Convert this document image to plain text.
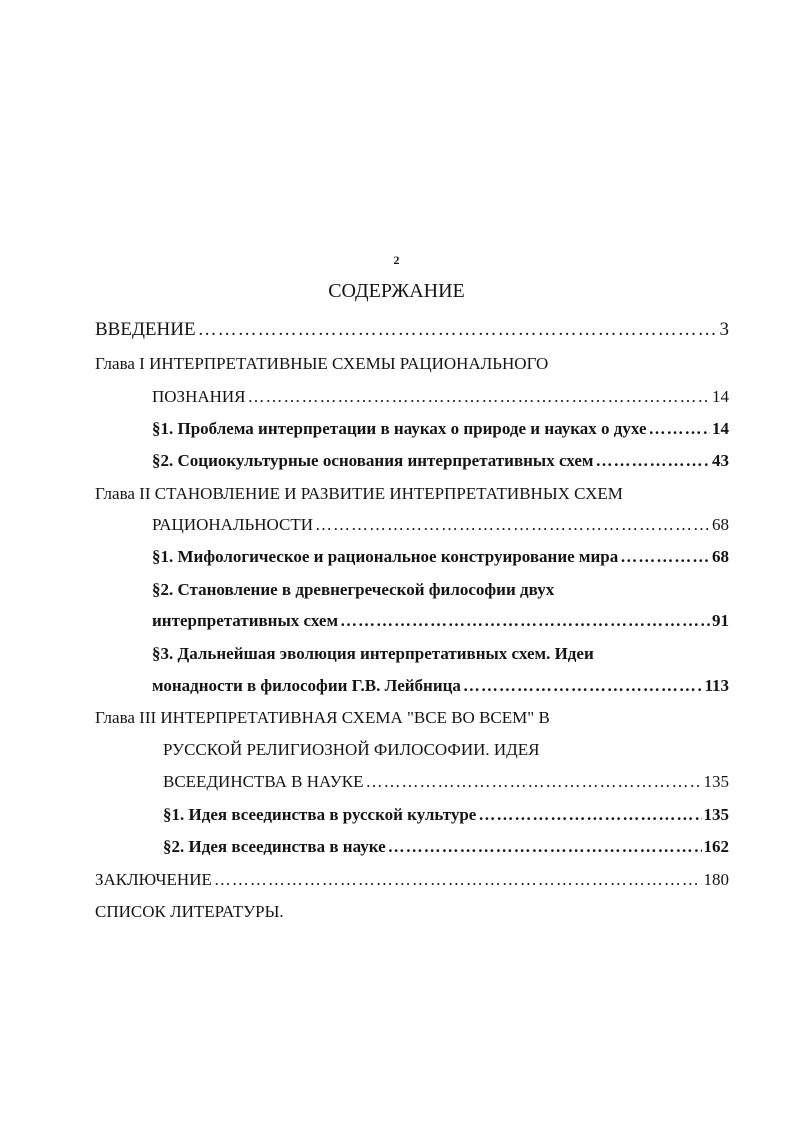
2
СОДЕРЖАНИЕ
ВВЕДЕНИЕ …………………………………………………………………………………………………………………………………………	3
Глава I ИНТЕРПРЕТАТИВНЫЕ СХЕМЫ РАЦИОНАЛЬНОГО
ПОЗНАНИЯ …………………………………………………………………………………………………………………………………………	14
§1. Проблема интерпретации в науках о природе и науках о духе …………………………………………………………………………………………………………………………………………	14
§2. Социокультурные основания интерпретативных схем …………………………………………………………………………………………………………………………………………	43
Глава II СТАНОВЛЕНИЕ И РАЗВИТИЕ ИНТЕРПРЕТАТИВНЫХ СХЕМ
РАЦИОНАЛЬНОСТИ …………………………………………………………………………………………………………………………………………	68
§1. Мифологическое и рациональное конструирование мира …………………………………………………………………………………………………………………………………………	68
§2. Становление в древнегреческой философии двух
интерпретативных схем …………………………………………………………………………………………………………………………………………	91
§3. Дальнейшая эволюция интерпретативных схем. Идеи
монадности в философии Г.В. Лейбница …………………………………………………………………………………………………………………………………………	113
Глава III ИНТЕРПРЕТАТИВНАЯ СХЕМА "ВСЕ ВО ВСЕМ" В
РУССКОЙ РЕЛИГИОЗНОЙ ФИЛОСОФИИ. ИДЕЯ
ВСЕЕДИНСТВА В НАУКЕ …………………………………………………………………………………………………………………………………………	135
§1. Идея всеединства в русской культуре …………………………………………………………………………………………………………………………………………	135
§2. Идея всеединства в науке …………………………………………………………………………………………………………………………………………	162
ЗАКЛЮЧЕНИЕ …………………………………………………………………………………………………………………………………………	180
СПИСОК ЛИТЕРАТУРЫ.
